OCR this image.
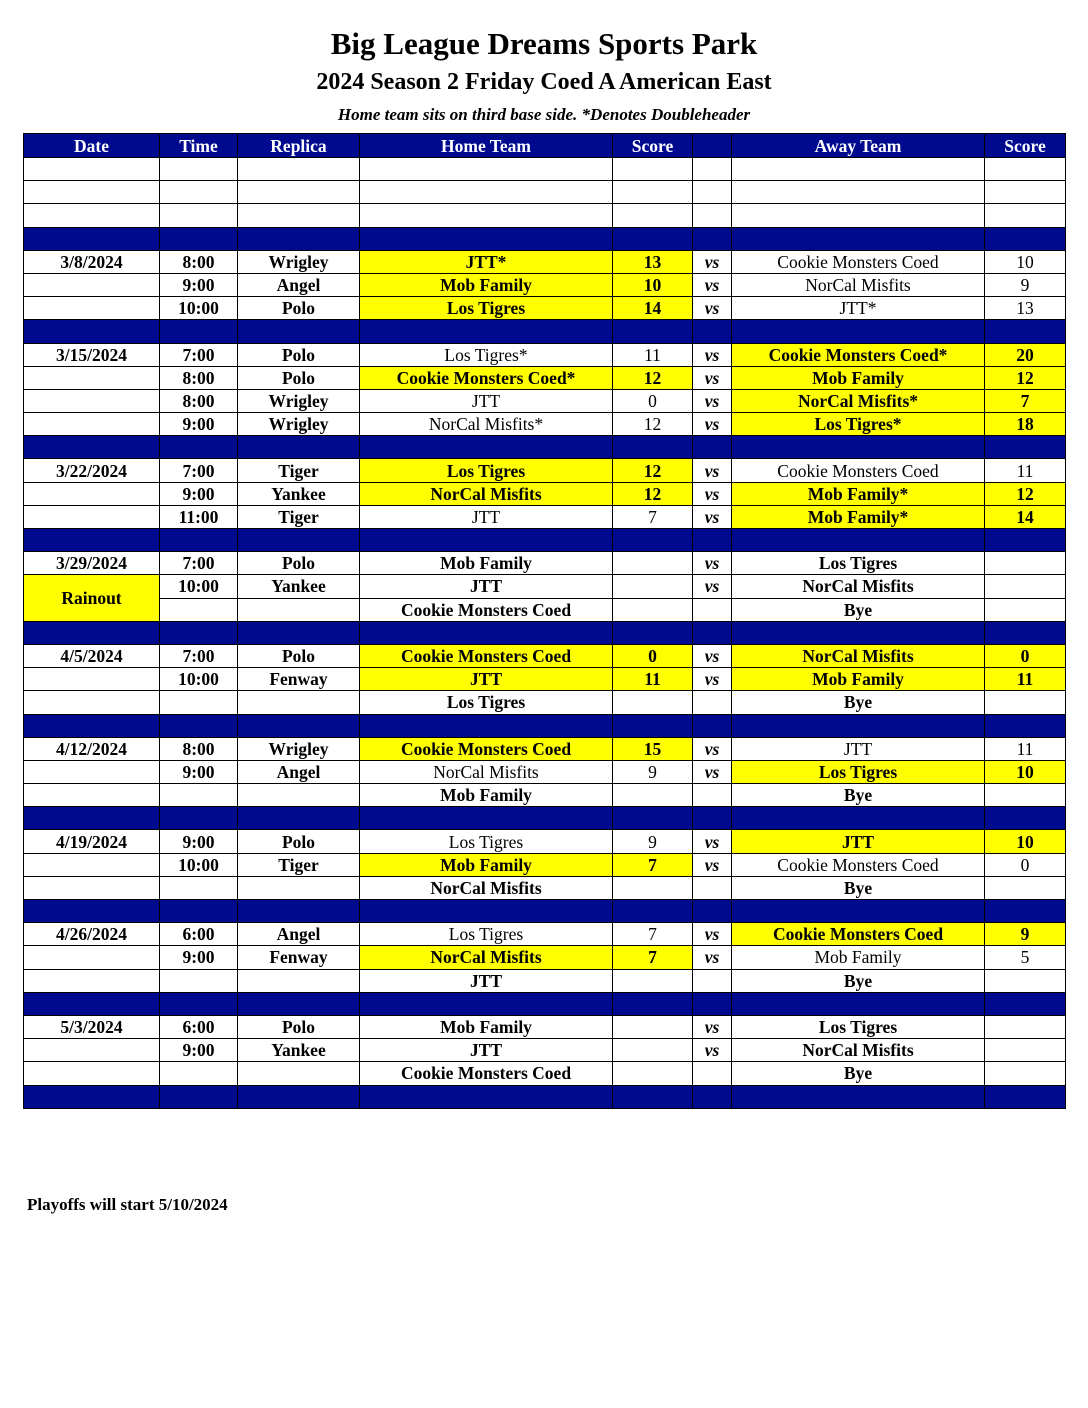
Big League Dreams Sports Park
2024 Season 2 Friday Coed A American East
Home team sits on third base side. *Denotes Doubleheader
Date	Time	Replica	Home Team	Score		Away Team	Score

3/8/2024	8:00	Wrigley	JTT*	13	vs	Cookie Monsters Coed	10
	9:00	Angel	Mob Family	10	vs	NorCal Misfits	9
	10:00	Polo	Los Tigres	14	vs	JTT*	13

3/15/2024	7:00	Polo	Los Tigres*	11	vs	Cookie Monsters Coed*	20
	8:00	Polo	Cookie Monsters Coed*	12	vs	Mob Family	12
	8:00	Wrigley	JTT	0	vs	NorCal Misfits*	7
	9:00	Wrigley	NorCal Misfits*	12	vs	Los Tigres*	18

3/22/2024	7:00	Tiger	Los Tigres	12	vs	Cookie Monsters Coed	11
	9:00	Yankee	NorCal Misfits	12	vs	Mob Family*	12
	11:00	Tiger	JTT	7	vs	Mob Family*	14

3/29/2024	7:00	Polo	Mob Family		vs	Los Tigres	
Rainout	10:00	Yankee	JTT		vs	NorCal Misfits	
			Cookie Monsters Coed			Bye	

4/5/2024	7:00	Polo	Cookie Monsters Coed	0	vs	NorCal Misfits	0
	10:00	Fenway	JTT	11	vs	Mob Family	11
			Los Tigres			Bye	

4/12/2024	8:00	Wrigley	Cookie Monsters Coed	15	vs	JTT	11
	9:00	Angel	NorCal Misfits	9	vs	Los Tigres	10
			Mob Family			Bye	

4/19/2024	9:00	Polo	Los Tigres	9	vs	JTT	10
	10:00	Tiger	Mob Family	7	vs	Cookie Monsters Coed	0
			NorCal Misfits			Bye	

4/26/2024	6:00	Angel	Los Tigres	7	vs	Cookie Monsters Coed	9
	9:00	Fenway	NorCal Misfits	7	vs	Mob Family	5
			JTT			Bye	

5/3/2024	6:00	Polo	Mob Family		vs	Los Tigres	
	9:00	Yankee	JTT		vs	NorCal Misfits	
			Cookie Monsters Coed			Bye	

Playoffs will start 5/10/2024
